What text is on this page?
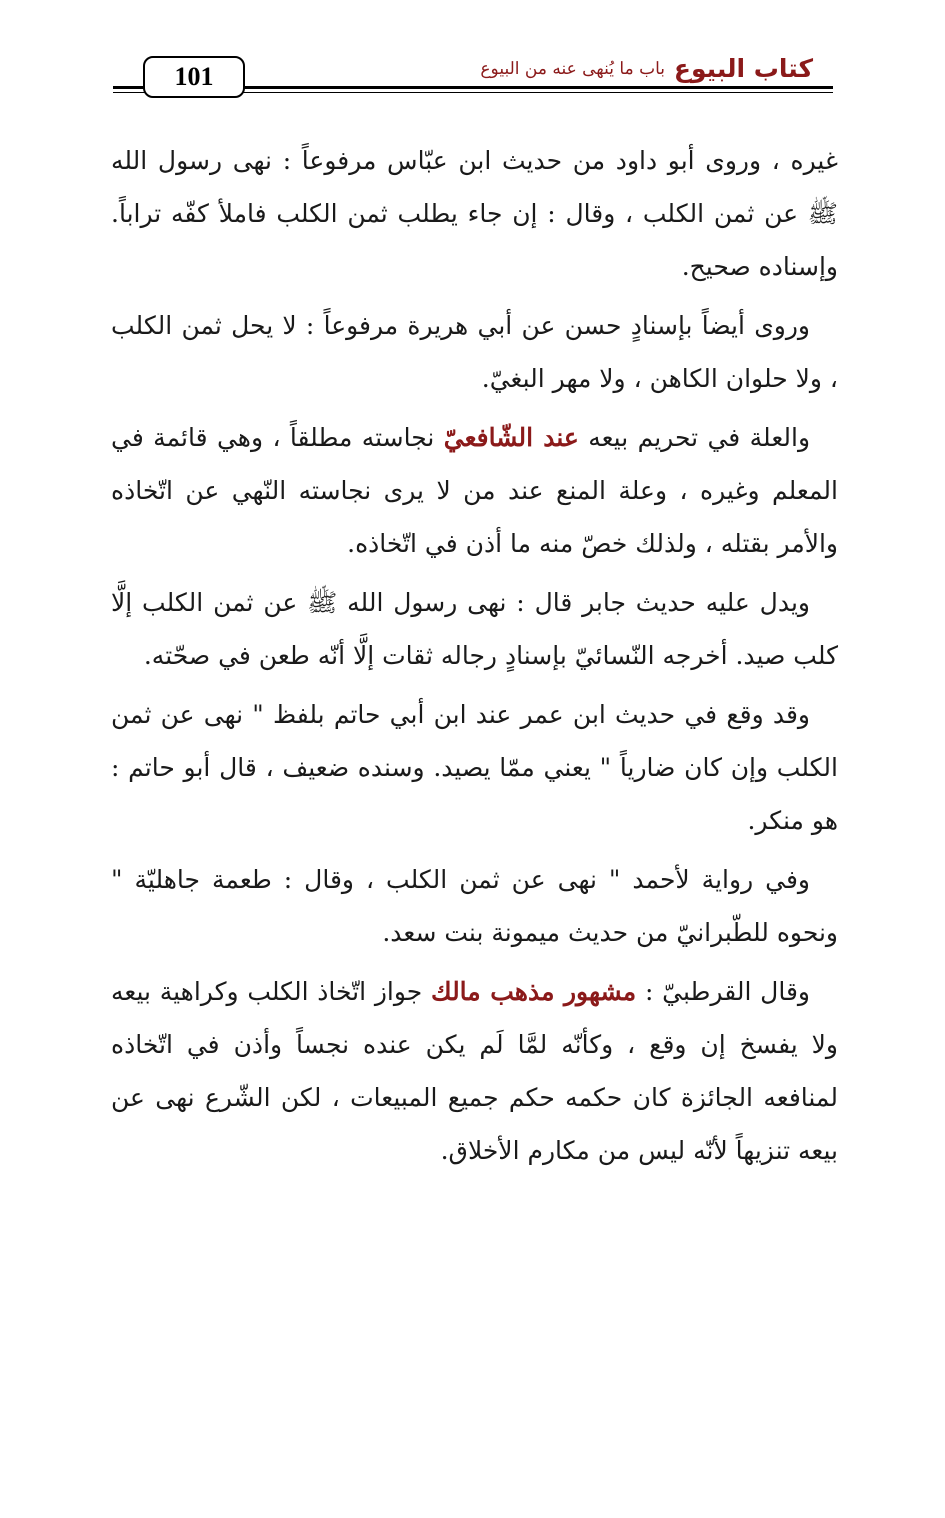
كتاب البيوع
باب ما يُنهى عنه من البيوع
101

غيره ، وروى أبو داود من حديث ابن عبّاس مرفوعاً : نهى رسول الله ﷺ عن ثمن الكلب ، وقال : إن جاء يطلب ثمن الكلب فاملأ كفّه تراباً. وإسناده صحيح.

وروى أيضاً بإسنادٍ حسن عن أبي هريرة مرفوعاً : لا يحل ثمن الكلب ، ولا حلوان الكاهن ، ولا مهر البغيّ.

والعلة في تحريم بيعه عند الشّافعيّ نجاسته مطلقاً ، وهي قائمة في المعلم وغيره ، وعلة المنع عند من لا يرى نجاسته النّهي عن اتّخاذه والأمر بقتله ، ولذلك خصّ منه ما أذن في اتّخاذه.

ويدل عليه حديث جابر قال : نهى رسول الله ﷺ عن ثمن الكلب إلَّا كلب صيد. أخرجه النّسائيّ بإسنادٍ رجاله ثقات إلَّا أنّه طعن في صحّته.

وقد وقع في حديث ابن عمر عند ابن أبي حاتم بلفظ " نهى عن ثمن الكلب وإن كان ضارياً " يعني ممّا يصيد. وسنده ضعيف ، قال أبو حاتم : هو منكر.

وفي رواية لأحمد " نهى عن ثمن الكلب ، وقال : طعمة جاهليّة " ونحوه للطّبرانيّ من حديث ميمونة بنت سعد.

وقال القرطبيّ : مشهور مذهب مالك جواز اتّخاذ الكلب وكراهية بيعه ولا يفسخ إن وقع ، وكأنّه لمَّا لَم يكن عنده نجساً وأذن في اتّخاذه لمنافعه الجائزة كان حكمه حكم جميع المبيعات ، لكن الشّرع نهى عن بيعه تنزيهاً لأنّه ليس من مكارم الأخلاق.
